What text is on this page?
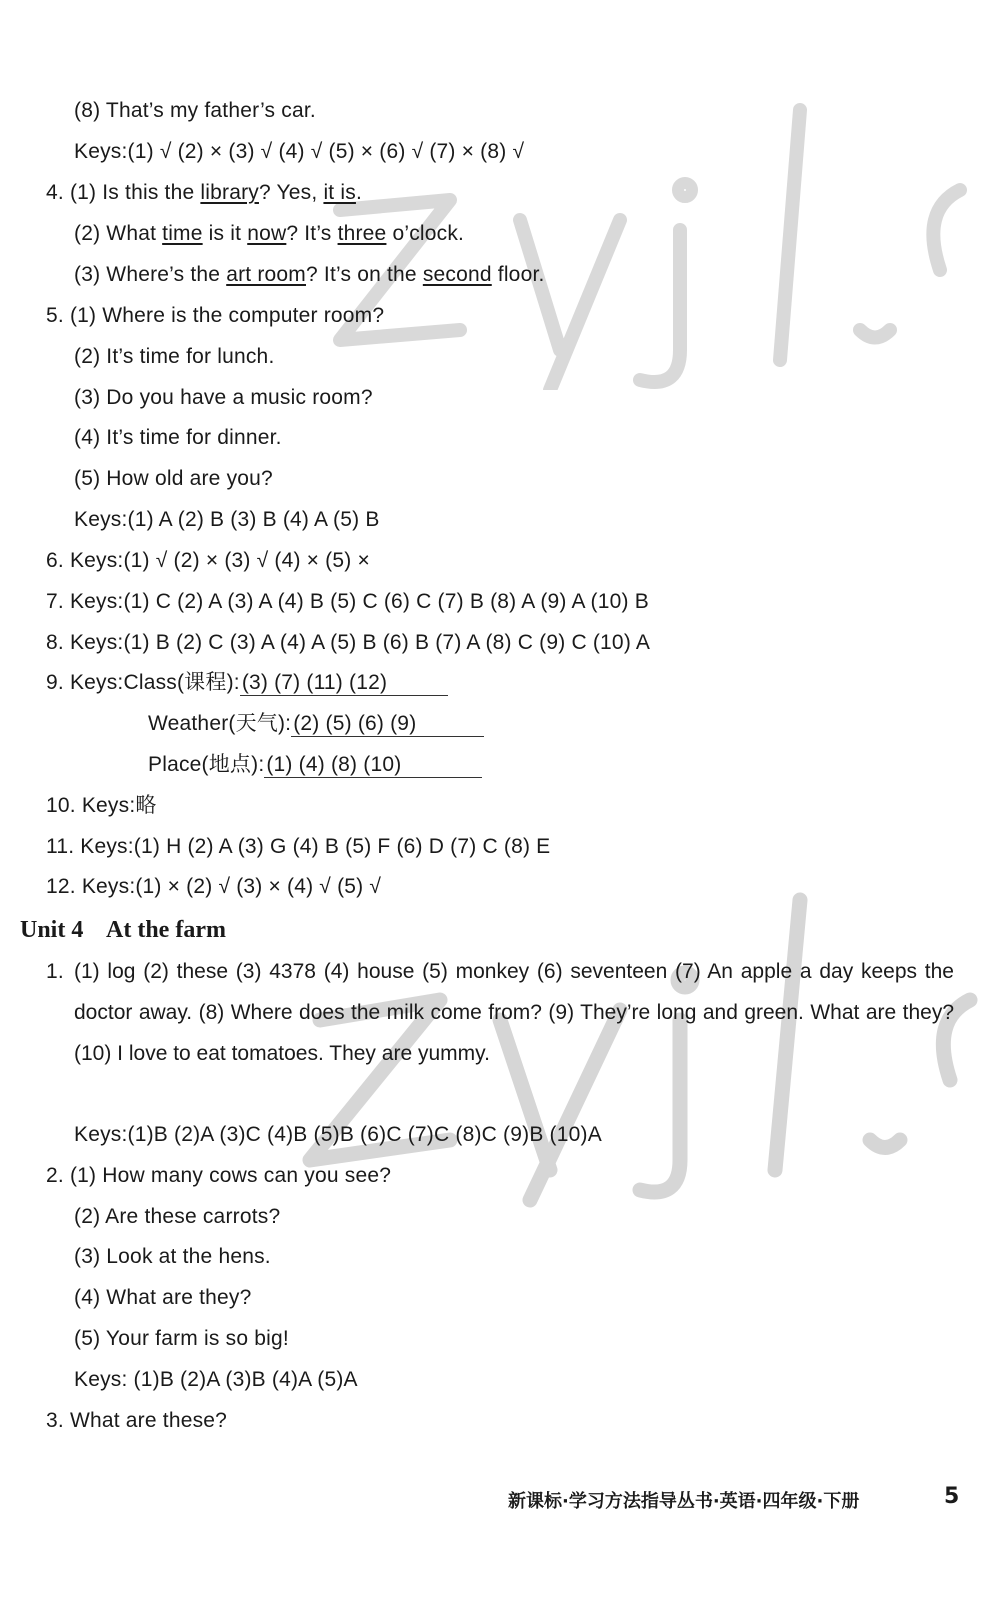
(8) That’s my father’s car.
Keys:(1) √ (2) × (3) √ (4) √ (5) × (6) √ (7) × (8) √
4. (1) Is this the library? Yes, it is.
(2) What time is it now? It’s three o’clock.
(3) Where’s the art room? It’s on the second floor.
5. (1) Where is the computer room?
(2) It’s time for lunch.
(3) Do you have a music room?
(4) It’s time for dinner.
(5) How old are you?
Keys:(1) A (2) B (3) B (4) A (5) B
6. Keys:(1) √ (2) × (3) √ (4) × (5) ×
7. Keys:(1) C (2) A (3) A (4) B (5) C (6) C (7) B (8) A (9) A (10) B
8. Keys:(1) B (2) C (3) A (4) A (5) B (6) B (7) A (8) C (9) C (10) A
9. Keys:Class(课程):(3) (7) (11) (12)
Weather(天气):(2) (5) (6) (9)
Place(地点):(1) (4) (8) (10)
10. Keys:略
11. Keys:(1) H (2) A (3) G (4) B (5) F (6) D (7) C (8) E
12. Keys:(1) × (2) √ (3) × (4) √ (5) √
Unit 4    At the farm
1. (1) log (2) these (3) 4378 (4) house (5) monkey (6) seventeen (7) An apple a day keeps the doctor away. (8) Where does the milk come from? (9) They’re long and green. What are they? (10) I love to eat tomatoes. They are yummy.
Keys:(1)B (2)A (3)C (4)B (5)B (6)C (7)C (8)C (9)B (10)A
2. (1) How many cows can you see?
(2) Are these carrots?
(3) Look at the hens.
(4) What are they?
(5) Your farm is so big!
Keys: (1)B (2)A (3)B (4)A (5)A
3. What are these?
新课标·学习方法指导丛书·英语·四年级·下册	5
